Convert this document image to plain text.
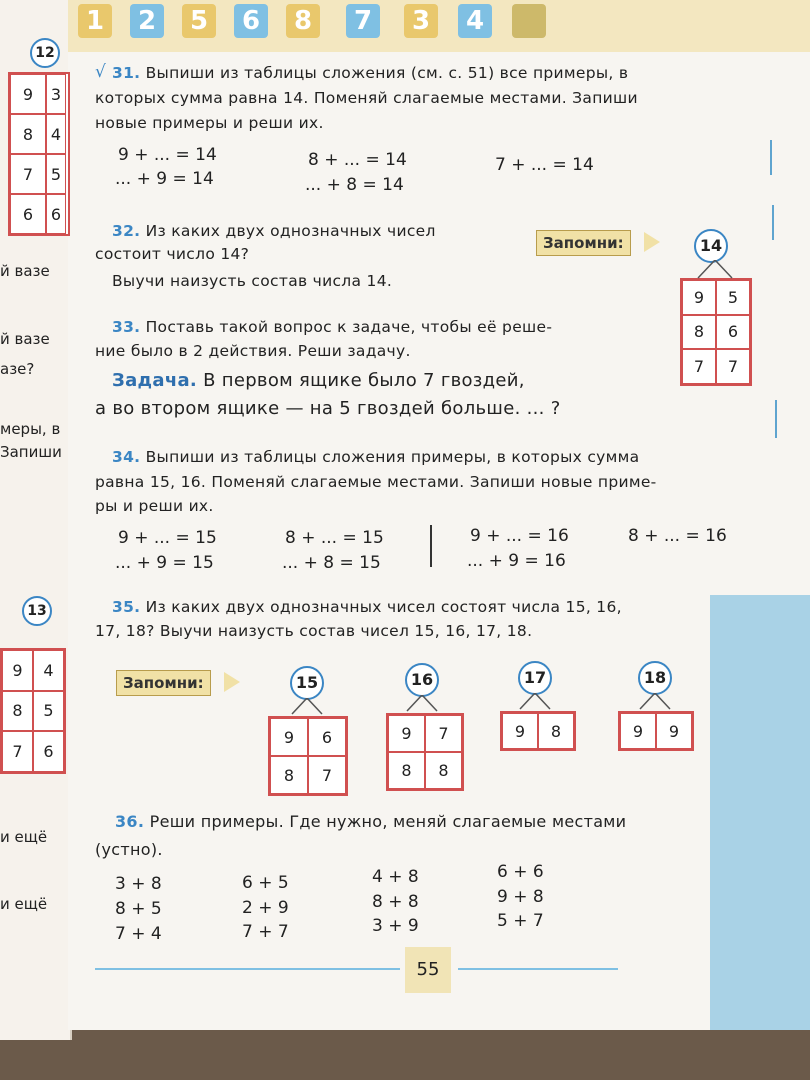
1	2	5	6	8	7	3	4
12
9	3
8	4
7	5
6	6
й вазе
й вазе
азе?
меры, в
Запиши
13
9	4
8	5
7	6
и ещё
и ещё
√ 31. Выпиши из таблицы сложения (см. с. 51) все примеры, в
которых сумма равна 14. Поменяй слагаемые местами. Запиши
новые примеры и реши их.
9 + ... = 14
... + 9 = 14
8 + ... = 14
... + 8 = 14
7 + ... = 14
32. Из каких двух однозначных чисел
состоит число 14?
Выучи наизусть состав числа 14.
Запомни:	14
9	5
8	6
7	7
33. Поставь такой вопрос к задаче, чтобы её реше-
ние было в 2 действия. Реши задачу.
Задача. В первом ящике было 7 гвоздей,
а во втором ящике — на 5 гвоздей больше. ... ?
34. Выпиши из таблицы сложения примеры, в которых сумма
равна 15, 16. Поменяй слагаемые местами. Запиши новые приме-
ры и реши их.
9 + ... = 15
... + 9 = 15
8 + ... = 15
... + 8 = 15
9 + ... = 16
... + 9 = 16
8 + ... = 16
35. Из каких двух однозначных чисел состоят числа 15, 16,
17, 18? Выучи наизусть состав чисел 15, 16, 17, 18.
Запомни:	15
9	6
8	7
16
9	7
8	8
17
9	8
18
9	9
36. Реши примеры. Где нужно, меняй слагаемые местами
(устно).
3 + 8
8 + 5
7 + 4
6 + 5
2 + 9
7 + 7
4 + 8
8 + 8
3 + 9
6 + 6
9 + 8
5 + 7
55
